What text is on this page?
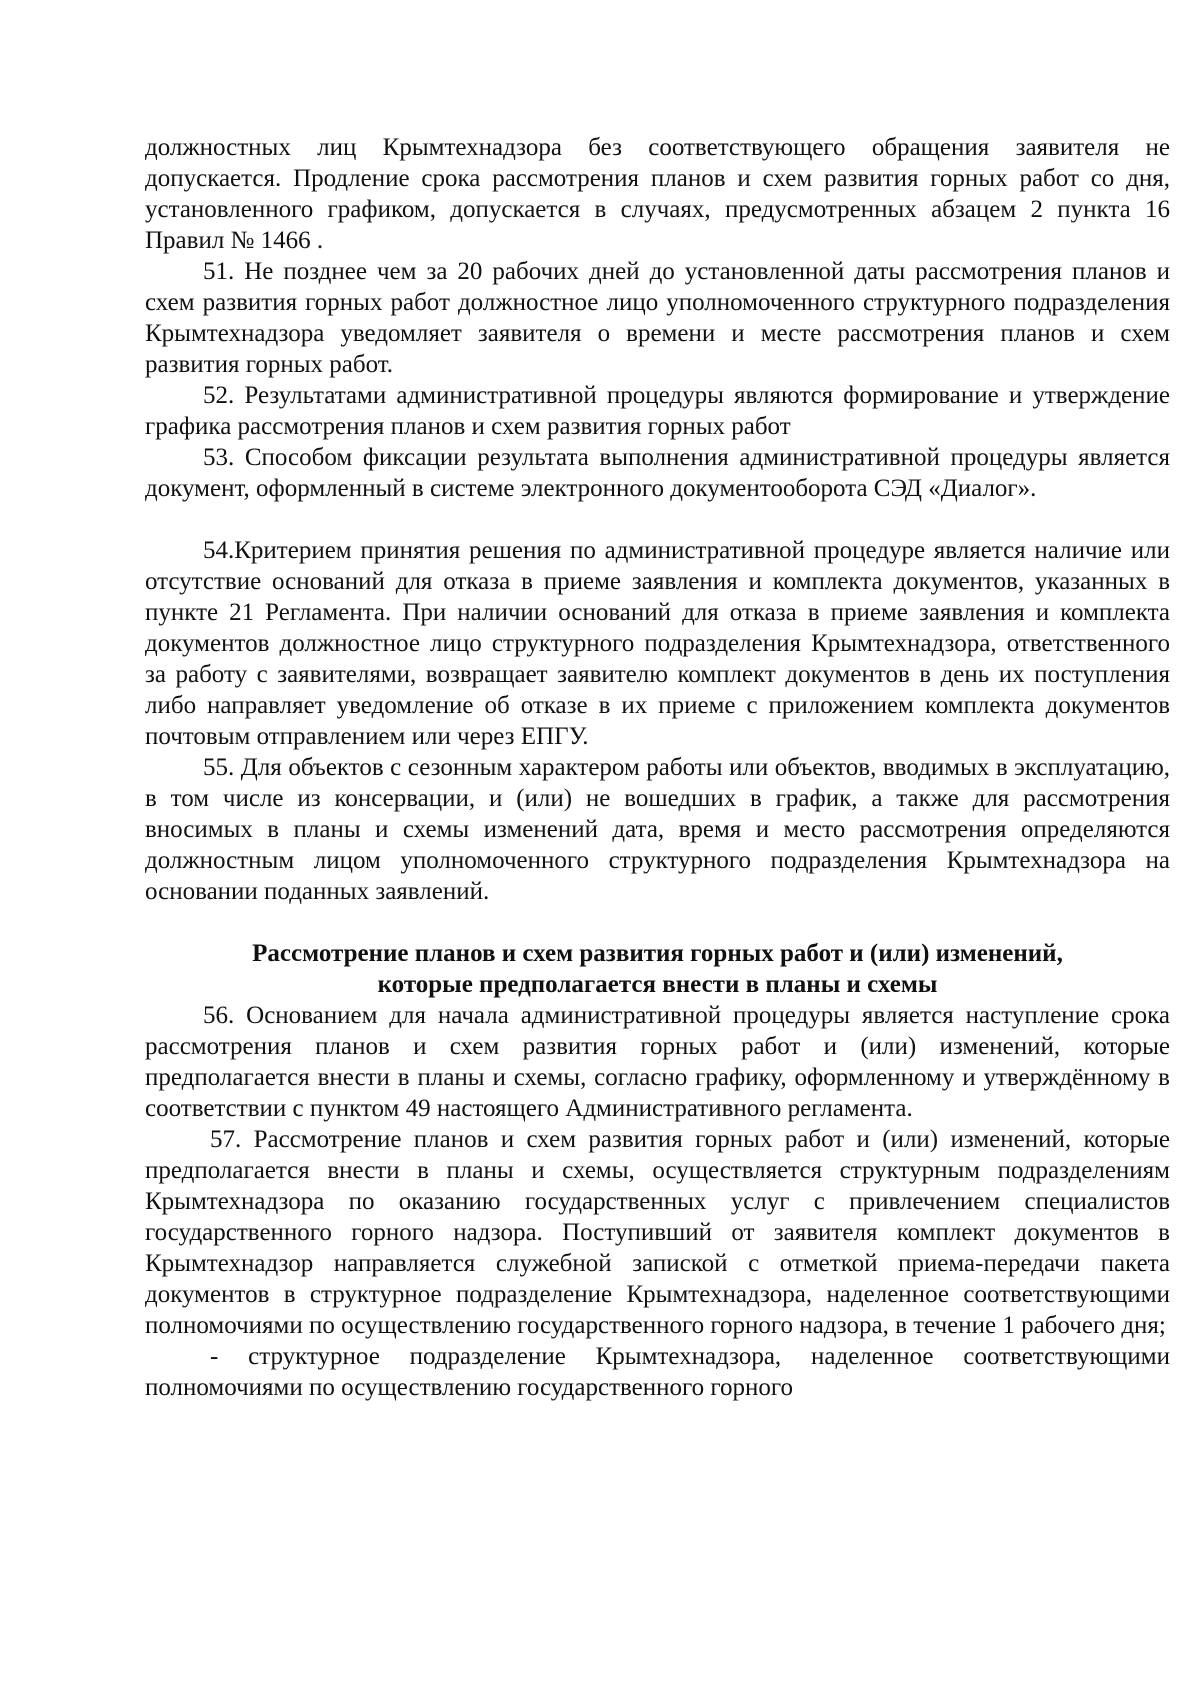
должностных лиц Крымтехнадзора без соответствующего обращения заявителя не допускается. Продление срока рассмотрения планов и схем развития горных работ со дня, установленного графиком, допускается в случаях, предусмотренных абзацем 2 пункта 16 Правил № 1466 .

51. Не позднее чем за 20 рабочих дней до установленной даты рассмотрения планов и схем развития горных работ должностное лицо уполномоченного структурного подразделения Крымтехнадзора уведомляет заявителя о времени и месте рассмотрения планов и схем развития горных работ.

52. Результатами административной процедуры являются формирование и утверждение графика рассмотрения планов и схем развития горных работ

53. Способом фиксации результата выполнения административной процедуры является документ, оформленный в системе электронного документооборота СЭД «Диалог».

54.Критерием принятия решения по административной процедуре является наличие или отсутствие оснований для отказа в приеме заявления и комплекта документов, указанных в пункте 21 Регламента. При наличии оснований для отказа в приеме заявления и комплекта документов должностное лицо структурного подразделения Крымтехнадзора, ответственного за работу с заявителями, возвращает заявителю комплект документов в день их поступления либо направляет уведомление об отказе в их приеме с приложением комплекта документов почтовым отправлением или через ЕПГУ.

55. Для объектов с сезонным характером работы или объектов, вводимых в эксплуатацию, в том числе из консервации, и (или) не вошедших в график, а также для рассмотрения вносимых в планы и схемы изменений дата, время и место рассмотрения определяются должностным лицом уполномоченного структурного подразделения Крымтехнадзора на основании поданных заявлений.

Рассмотрение планов и схем развития горных работ и (или) изменений,
которые предполагается внести в планы и схемы

56. Основанием для начала административной процедуры является наступление срока рассмотрения планов и схем развития горных работ и (или) изменений, которые предполагается внести в планы и схемы, согласно графику, оформленному и утверждённому в соответствии с пунктом 49 настоящего Административного регламента.

57. Рассмотрение планов и схем развития горных работ и (или) изменений, которые предполагается внести в планы и схемы, осуществляется структурным подразделениям Крымтехнадзора по оказанию государственных услуг с привлечением специалистов государственного горного надзора. Поступивший от заявителя комплект документов в Крымтехнадзор направляется служебной запиской с отметкой приема-передачи пакета документов в структурное подразделение Крымтехнадзора, наделенное соответствующими полномочиями по осуществлению государственного горного надзора, в течение 1 рабочего дня;

- структурное подразделение Крымтехнадзора, наделенное соответствующими полномочиями по осуществлению государственного горного
